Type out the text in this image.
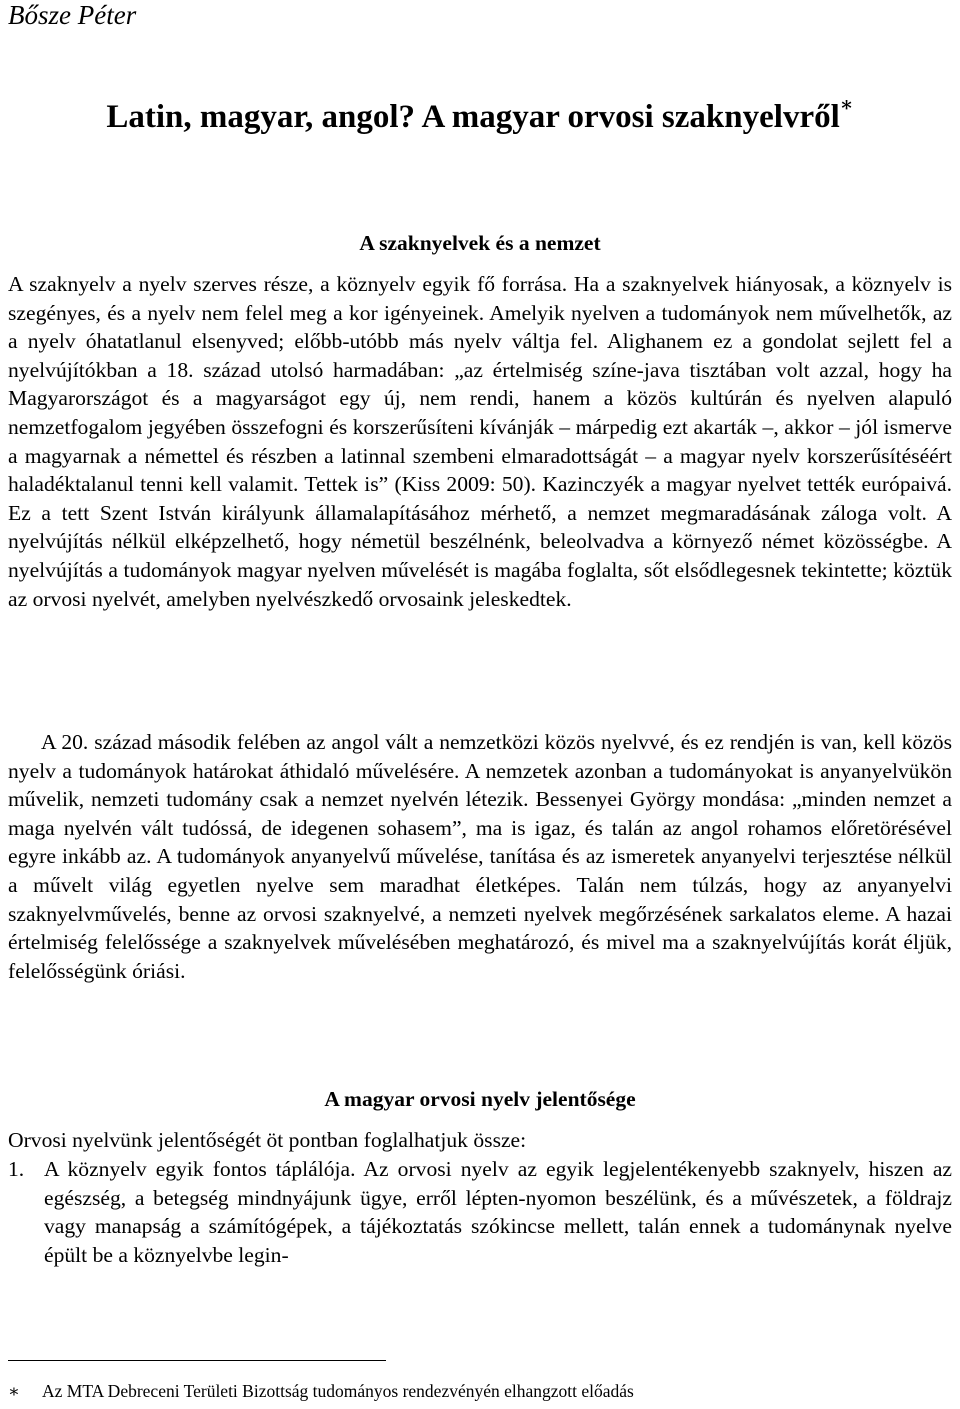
Bősze Péter
Latin, magyar, angol? A magyar orvosi szaknyelvről∗
A szaknyelvek és a nemzet
A szaknyelv a nyelv szerves része, a köznyelv egyik fő forrása. Ha a szaknyelvek hiányosak, a köznyelv is szegényes, és a nyelv nem felel meg a kor igényeinek. Amelyik nyelven a tudományok nem művelhetők, az a nyelv óhatatlanul elsenyved; előbb-utóbb más nyelv váltja fel. Alighanem ez a gondolat sejlett fel a nyelvújítókban a 18. század utolsó harmadában: „az értelmiség színe-java tisztában volt azzal, hogy ha Magyarországot és a magyarságot egy új, nem rendi, hanem a közös kultúrán és nyelven alapuló nemzetfogalom jegyében összefogni és korszerűsíteni kívánják – márpedig ezt akarták –, akkor – jól ismerve a magyarnak a némettel és részben a latinnal szembeni elmaradottságát – a magyar nyelv korszerűsítéséért haladéktalanul tenni kell valamit. Tettek is” (Kiss 2009: 50). Kazinczyék a magyar nyelvet tették európaivá. Ez a tett Szent István királyunk államalapításához mérhető, a nemzet megmaradásának záloga volt. A nyelvújítás nélkül elképzelhető, hogy németül beszélnénk, beleolvadva a környező német közösségbe. A nyelvújítás a tudományok magyar nyelven művelését is magába foglalta, sőt elsődlegesnek tekintette; köztük az orvosi nyelvét, amelyben nyelvészkedő orvosaink jeleskedtek.
A 20. század második felében az angol vált a nemzetközi közös nyelvvé, és ez rendjén is van, kell közös nyelv a tudományok határokat áthidaló művelésére. A nemzetek azonban a tudományokat is anyanyelvükön művelik, nemzeti tudomány csak a nemzet nyelvén létezik. Bessenyei György mondása: „minden nemzet a maga nyelvén vált tudóssá, de idegenen sohasem”, ma is igaz, és talán az angol rohamos előretörésével egyre inkább az. A tudományok anyanyelvű művelése, tanítása és az ismeretek anyanyelvi terjesztése nélkül a művelt világ egyetlen nyelve sem maradhat életképes. Talán nem túlzás, hogy az anyanyelvi szaknyelvművelés, benne az orvosi szaknyelvé, a nemzeti nyelvek megőrzésének sarkalatos eleme. A hazai értelmiség felelőssége a szaknyelvek művelésében meghatározó, és mivel ma a szaknyelvújítás korát éljük, felelősségünk óriási.
A magyar orvosi nyelv jelentősége
Orvosi nyelvünk jelentőségét öt pontban foglalhatjuk össze:
1. A köznyelv egyik fontos táplálója. Az orvosi nyelv az egyik legjelentékenyebb szaknyelv, hiszen az egészség, a betegség mindnyájunk ügye, erről lépten-nyomon beszélünk, és a művészetek, a földrajz vagy manapság a számítógépek, a tájékoztatás szókincse mellett, talán ennek a tudománynak nyelve épült be a köznyelvbe legin-
∗ Az MTA Debreceni Területi Bizottság tudományos rendezvényén elhangzott előadás
